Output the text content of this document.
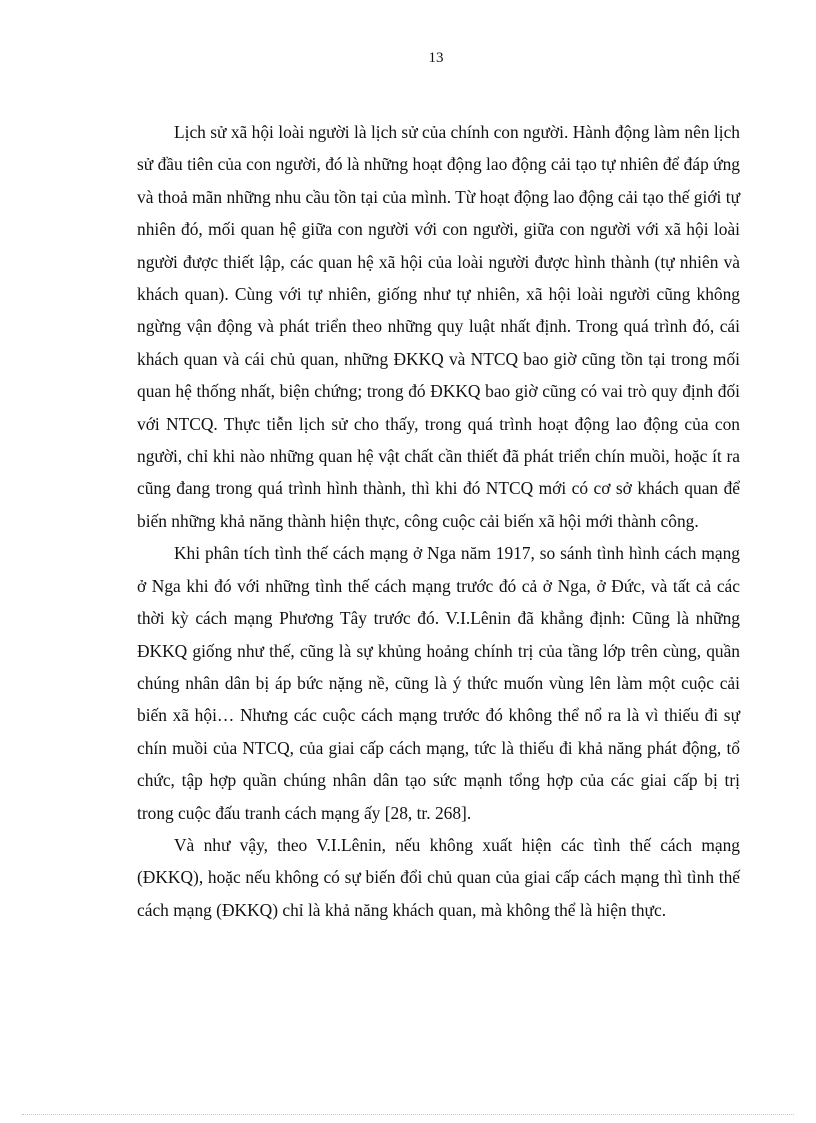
13

Lịch sử xã hội loài người là lịch sử của chính con người. Hành động làm nên lịch sử đầu tiên của con người, đó là những hoạt động lao động cải tạo tự nhiên để đáp ứng và thoả mãn những nhu cầu tồn tại của mình. Từ hoạt động lao động cải tạo thế giới tự nhiên đó, mối quan hệ giữa con người với con người, giữa con người với xã hội loài người được thiết lập, các quan hệ xã hội của loài người được hình thành (tự nhiên và khách quan). Cùng với tự nhiên, giống như tự nhiên, xã hội loài người cũng không ngừng vận động và phát triển theo những quy luật nhất định. Trong quá trình đó, cái khách quan và cái chủ quan, những ĐKKQ và NTCQ bao giờ cũng tồn tại trong mối quan hệ thống nhất, biện chứng; trong đó ĐKKQ bao giờ cũng có vai trò quy định đối với NTCQ. Thực tiễn lịch sử cho thấy, trong quá trình hoạt động lao động của con người, chỉ khi nào những quan hệ vật chất cần thiết đã phát triển chín muồi, hoặc ít ra cũng đang trong quá trình hình thành, thì khi đó NTCQ mới có cơ sở khách quan để biến những khả năng thành hiện thực, công cuộc cải biến xã hội mới thành công.

Khi phân tích tình thế cách mạng ở Nga năm 1917, so sánh tình hình cách mạng ở Nga khi đó với những tình thế cách mạng trước đó cả ở Nga, ở Đức, và tất cả các thời kỳ cách mạng Phương Tây trước đó. V.I.Lênin đã khẳng định: Cũng là những ĐKKQ giống như thế, cũng là sự khủng hoảng chính trị của tầng lớp trên cùng, quần chúng nhân dân bị áp bức nặng nề, cũng là ý thức muốn vùng lên làm một cuộc cải biến xã hội… Nhưng các cuộc cách mạng trước đó không thể nổ ra là vì thiếu đi sự chín muồi của NTCQ, của giai cấp cách mạng, tức là thiếu đi khả năng phát động, tổ chức, tập hợp quần chúng nhân dân tạo sức mạnh tổng hợp của các giai cấp bị trị trong cuộc đấu tranh cách mạng ấy [28, tr. 268].

Và như vậy, theo V.I.Lênin, nếu không xuất hiện các tình thế cách mạng (ĐKKQ), hoặc nếu không có sự biến đổi chủ quan của giai cấp cách mạng thì tình thế cách mạng (ĐKKQ) chỉ là khả năng khách quan, mà không thể là hiện thực.
